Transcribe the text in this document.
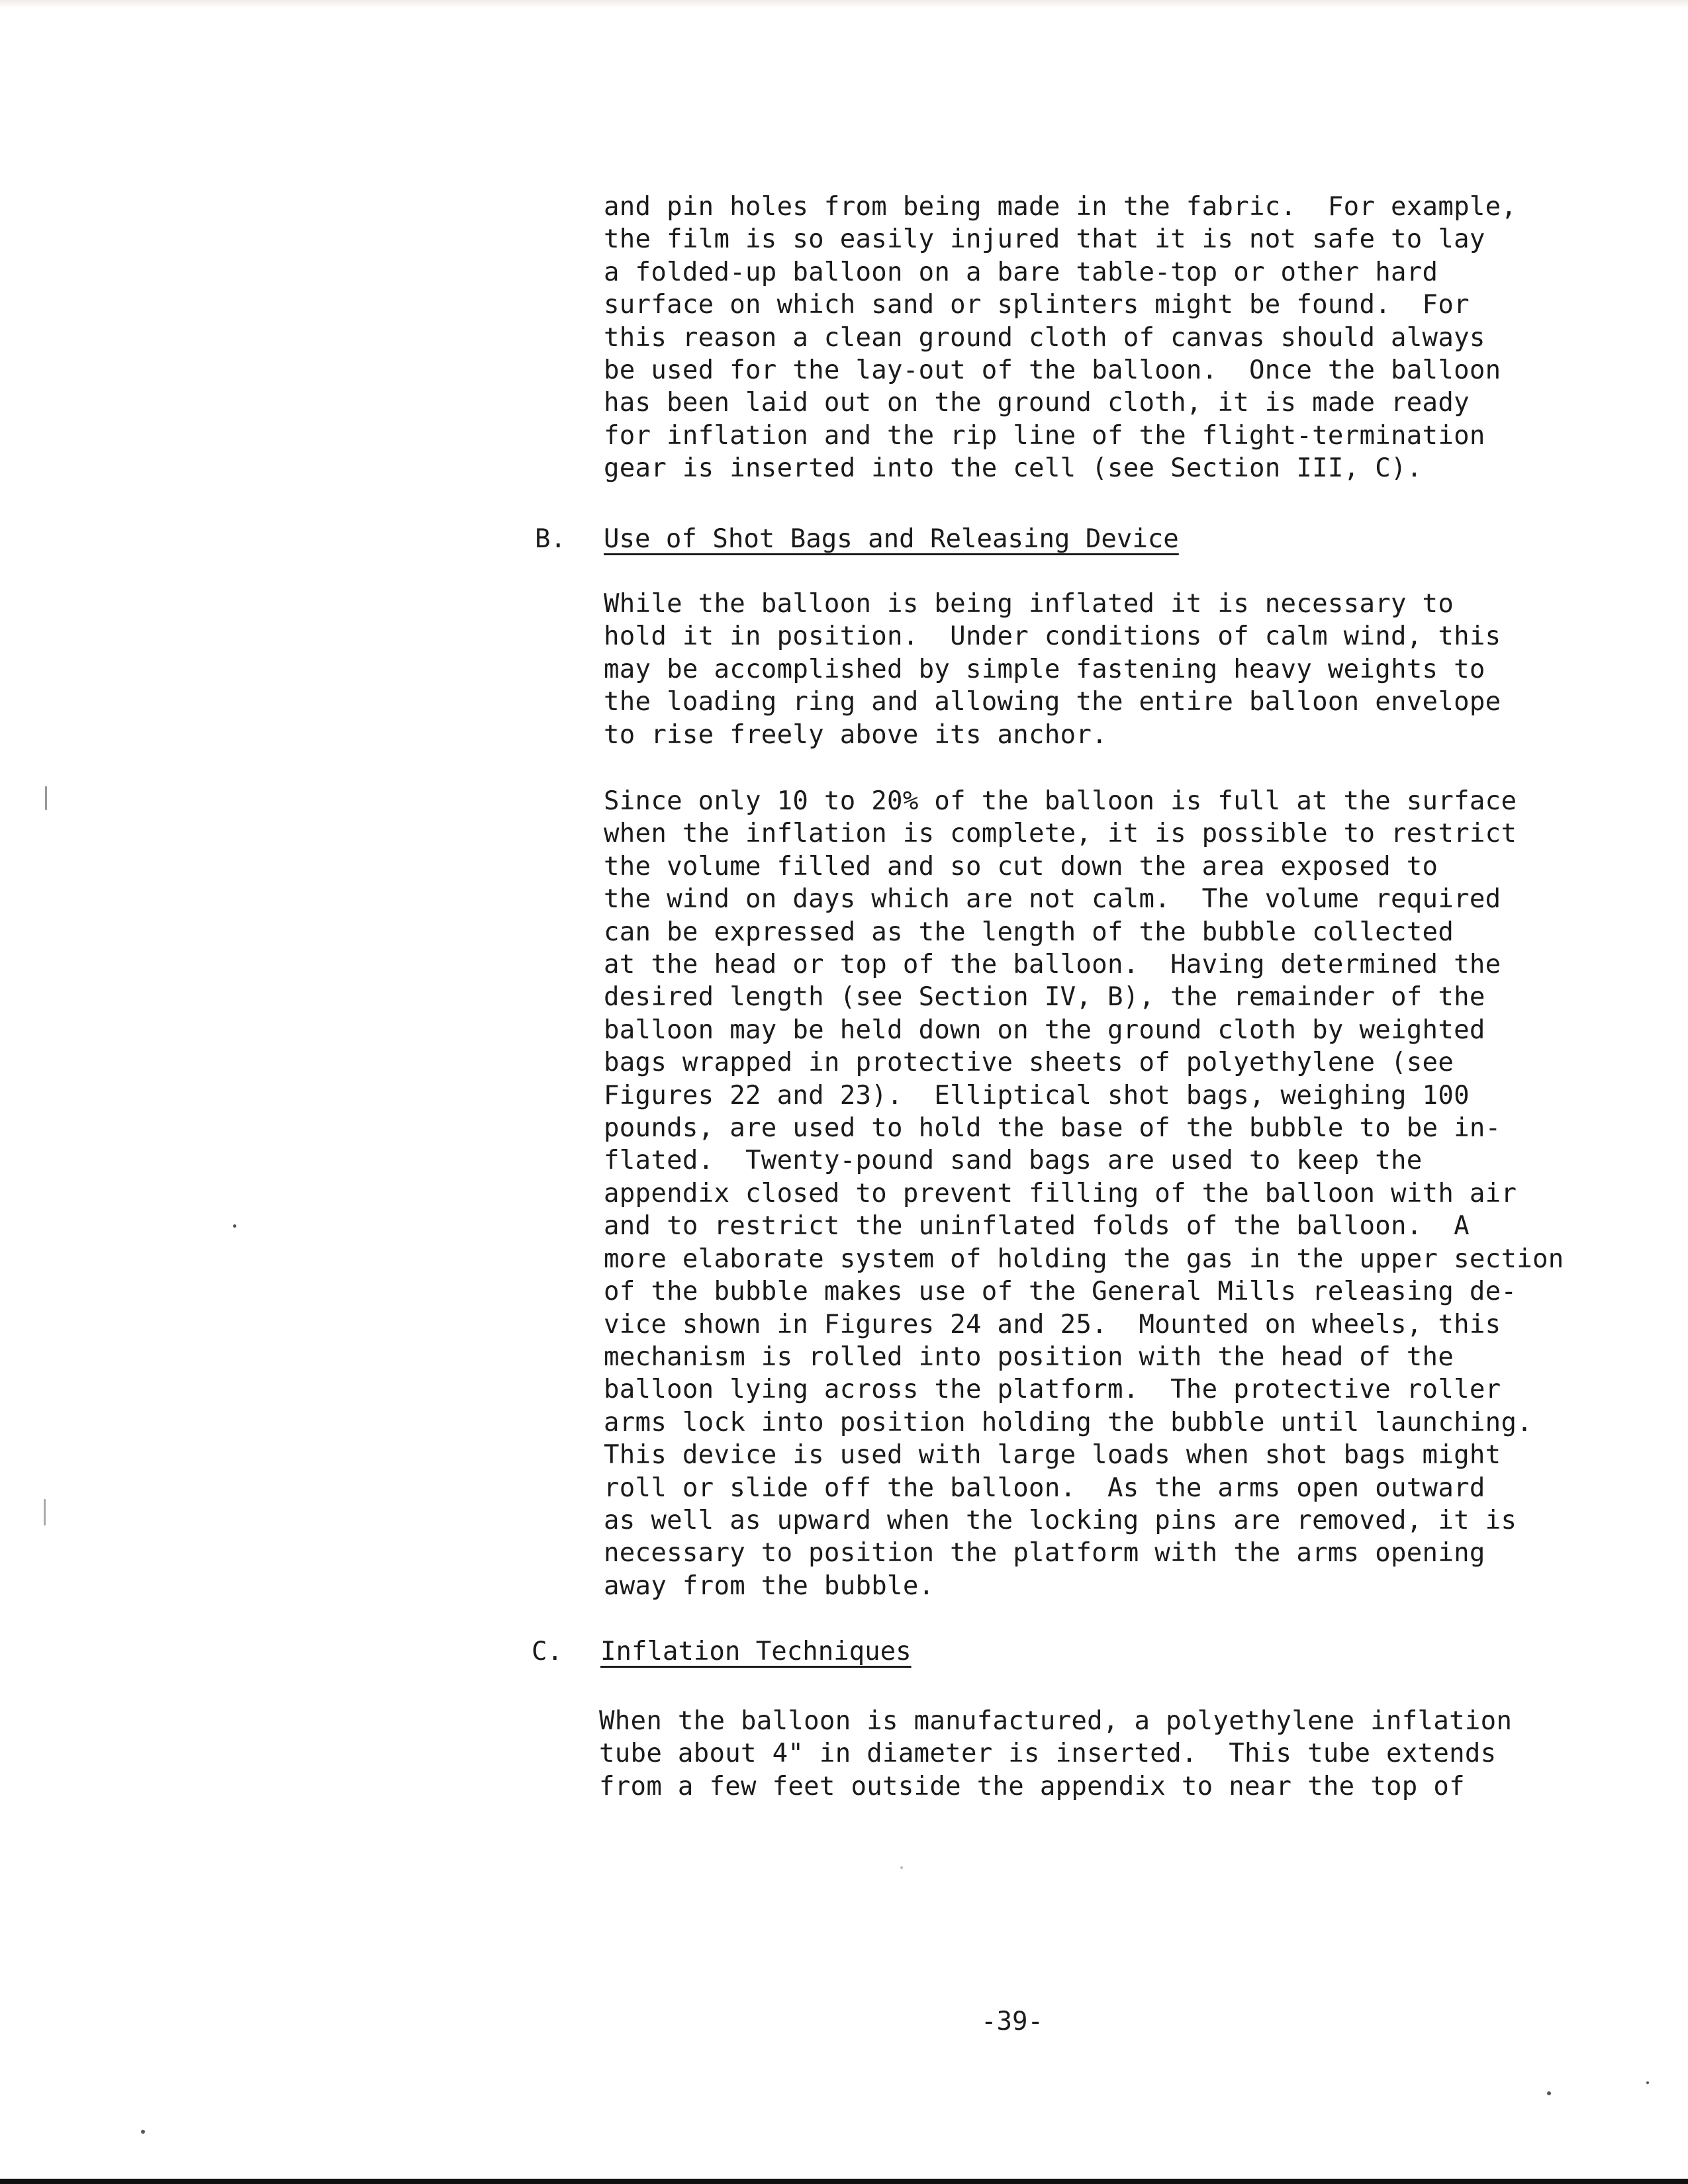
and pin holes from being made in the fabric.  For example,
the film is so easily injured that it is not safe to lay
a folded-up balloon on a bare table-top or other hard
surface on which sand or splinters might be found.  For
this reason a clean ground cloth of canvas should always
be used for the lay-out of the balloon.  Once the balloon
has been laid out on the ground cloth, it is made ready
for inflation and the rip line of the flight-termination
gear is inserted into the cell (see Section III, C).

B.

Use of Shot Bags and Releasing Device

While the balloon is being inflated it is necessary to
hold it in position.  Under conditions of calm wind, this
may be accomplished by simple fastening heavy weights to
the loading ring and allowing the entire balloon envelope
to rise freely above its anchor.

Since only 10 to 20% of the balloon is full at the surface
when the inflation is complete, it is possible to restrict
the volume filled and so cut down the area exposed to
the wind on days which are not calm.  The volume required
can be expressed as the length of the bubble collected
at the head or top of the balloon.  Having determined the
desired length (see Section IV, B), the remainder of the
balloon may be held down on the ground cloth by weighted
bags wrapped in protective sheets of polyethylene (see
Figures 22 and 23).  Elliptical shot bags, weighing 100
pounds, are used to hold the base of the bubble to be in-
flated.  Twenty-pound sand bags are used to keep the
appendix closed to prevent filling of the balloon with air
and to restrict the uninflated folds of the balloon.  A
more elaborate system of holding the gas in the upper section
of the bubble makes use of the General Mills releasing de-
vice shown in Figures 24 and 25.  Mounted on wheels, this
mechanism is rolled into position with the head of the
balloon lying across the platform.  The protective roller
arms lock into position holding the bubble until launching.
This device is used with large loads when shot bags might
roll or slide off the balloon.  As the arms open outward
as well as upward when the locking pins are removed, it is
necessary to position the platform with the arms opening
away from the bubble.

C.

Inflation Techniques

When the balloon is manufactured, a polyethylene inflation
tube about 4" in diameter is inserted.  This tube extends
from a few feet outside the appendix to near the top of

-39-
